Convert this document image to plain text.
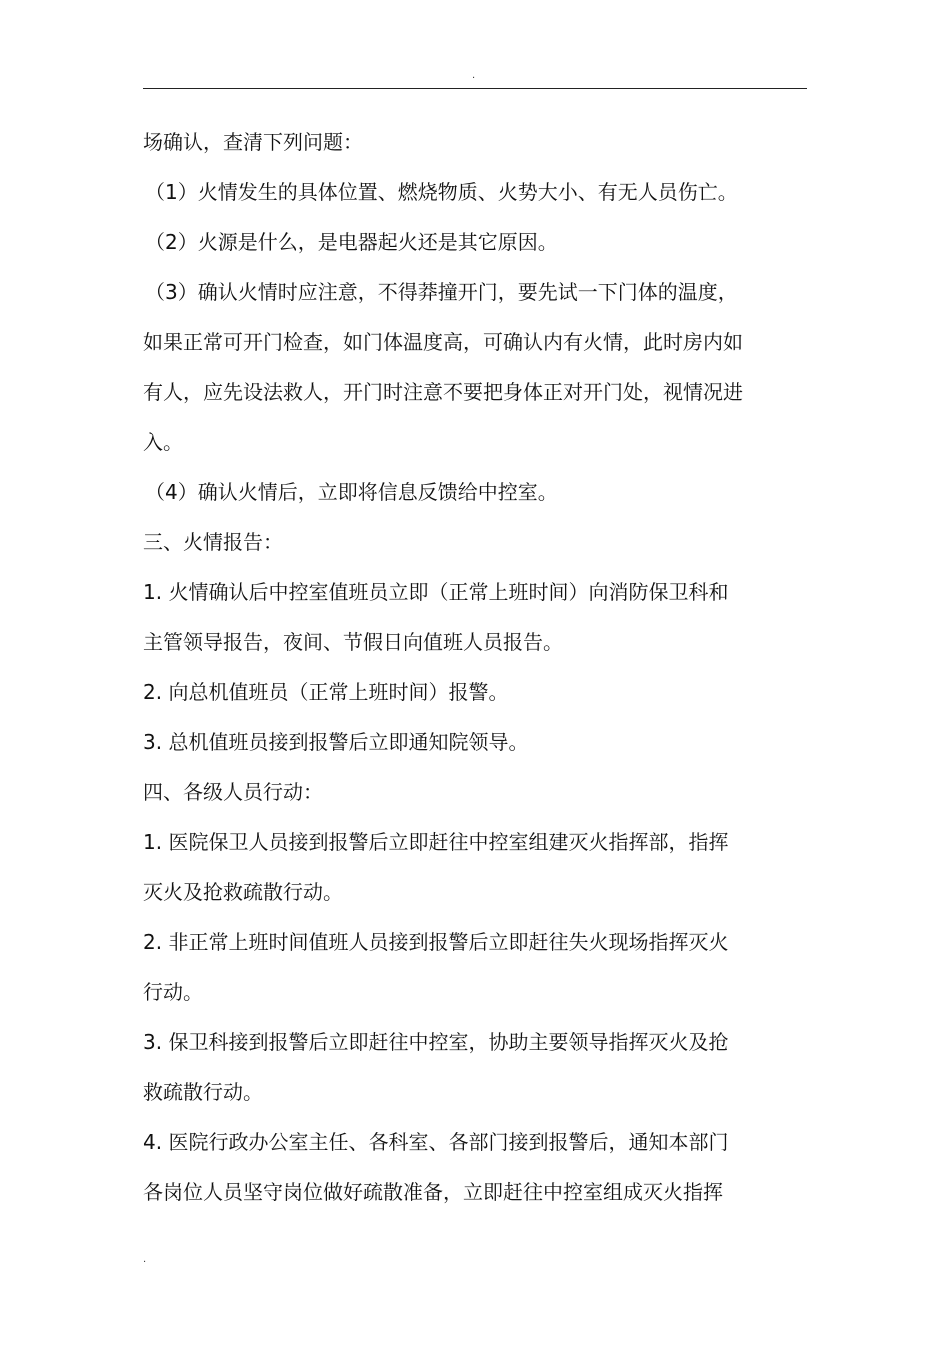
.
场确认，查清下列问题：
（1）火情发生的具体位置、燃烧物质、火势大小、有无人员伤亡。
（2）火源是什么，是电器起火还是其它原因。
（3）确认火情时应注意，不得莽撞开门，要先试一下门体的温度，
如果正常可开门检查，如门体温度高，可确认内有火情，此时房内如
有人，应先设法救人，开门时注意不要把身体正对开门处，视情况进
入。
（4）确认火情后，立即将信息反馈给中控室。
三、火情报告：
1. 火情确认后中控室值班员立即（正常上班时间）向消防保卫科和
主管领导报告，夜间、节假日向值班人员报告。
2. 向总机值班员（正常上班时间）报警。
3. 总机值班员接到报警后立即通知院领导。
四、各级人员行动：
1. 医院保卫人员接到报警后立即赶往中控室组建灭火指挥部，指挥
灭火及抢救疏散行动。
2. 非正常上班时间值班人员接到报警后立即赶往失火现场指挥灭火
行动。
3. 保卫科接到报警后立即赶往中控室，协助主要领导指挥灭火及抢
救疏散行动。
4. 医院行政办公室主任、各科室、各部门接到报警后，通知本部门
各岗位人员坚守岗位做好疏散准备，立即赶往中控室组成灭火指挥
.
